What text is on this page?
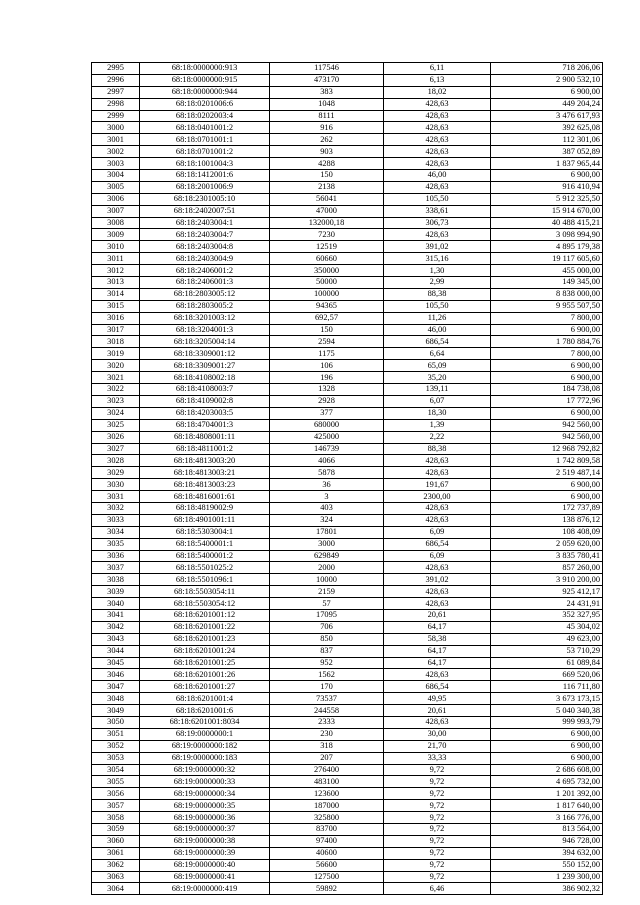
2995	68:18:0000000:913	117546	6,11	718 206,06
2996	68:18:0000000:915	473170	6,13	2 900 532,10
2997	68:18:0000000:944	383	18,02	6 900,00
2998	68:18:0201006:6	1048	428,63	449 204,24
2999	68:18:0202003:4	8111	428,63	3 476 617,93
3000	68:18:0401001:2	916	428,63	392 625,08
3001	68:18:0701001:1	262	428,63	112 301,06
3002	68:18:0701001:2	903	428,63	387 052,89
3003	68:18:1001004:3	4288	428,63	1 837 965,44
3004	68:18:1412001:6	150	46,00	6 900,00
3005	68:18:2001006:9	2138	428,63	916 410,94
3006	68:18:2301005:10	56041	105,50	5 912 325,50
3007	68:18:2402007:51	47000	338,61	15 914 670,00
3008	68:18:2403004:1	132000,18	306,73	40 488 415,21
3009	68:18:2403004:7	7230	428,63	3 098 994,90
3010	68:18:2403004:8	12519	391,02	4 895 179,38
3011	68:18:2403004:9	60660	315,16	19 117 605,60
3012	68:18:2406001:2	350000	1,30	455 000,00
3013	68:18:2406001:3	50000	2,99	149 345,00
3014	68:18:2803005:12	100000	88,38	8 838 000,00
3015	68:18:2803005:2	94365	105,50	9 955 507,50
3016	68:18:3201003:12	692,57	11,26	7 800,00
3017	68:18:3204001:3	150	46,00	6 900,00
3018	68:18:3205004:14	2594	686,54	1 780 884,76
3019	68:18:3309001:12	1175	6,64	7 800,00
3020	68:18:3309001:27	106	65,09	6 900,00
3021	68:18:4108002:18	196	35,20	6 900,00
3022	68:18:4108003:7	1328	139,11	184 738,08
3023	68:18:4109002:8	2928	6,07	17 772,96
3024	68:18:4203003:5	377	18,30	6 900,00
3025	68:18:4704001:3	680000	1,39	942 560,00
3026	68:18:4808001:11	425000	2,22	942 560,00
3027	68:18:4811001:2	146739	88,38	12 968 792,82
3028	68:18:4813003:20	4066	428,63	1 742 809,58
3029	68:18:4813003:21	5878	428,63	2 519 487,14
3030	68:18:4813003:23	36	191,67	6 900,00
3031	68:18:4816001:61	3	2300,00	6 900,00
3032	68:18:4819002:9	403	428,63	172 737,89
3033	68:18:4901001:11	324	428,63	138 876,12
3034	68:18:5303004:1	17801	6,09	108 408,09
3035	68:18:5400001:1	3000	686,54	2 059 620,00
3036	68:18:5400001:2	629849	6,09	3 835 780,41
3037	68:18:5501025:2	2000	428,63	857 260,00
3038	68:18:5501096:1	10000	391,02	3 910 200,00
3039	68:18:5503054:11	2159	428,63	925 412,17
3040	68:18:5503054:12	57	428,63	24 431,91
3041	68:18:6201001:12	17095	20,61	352 327,95
3042	68:18:6201001:22	706	64,17	45 304,02
3043	68:18:6201001:23	850	58,38	49 623,00
3044	68:18:6201001:24	837	64,17	53 710,29
3045	68:18:6201001:25	952	64,17	61 089,84
3046	68:18:6201001:26	1562	428,63	669 520,06
3047	68:18:6201001:27	170	686,54	116 711,80
3048	68:18:6201001:4	73537	49,95	3 673 173,15
3049	68:18:6201001:6	244558	20,61	5 040 340,38
3050	68:18:6201001:8034	2333	428,63	999 993,79
3051	68:19:0000000:1	230	30,00	6 900,00
3052	68:19:0000000:182	318	21,70	6 900,00
3053	68:19:0000000:183	207	33,33	6 900,00
3054	68:19:0000000:32	276400	9,72	2 686 608,00
3055	68:19:0000000:33	483100	9,72	4 695 732,00
3056	68:19:0000000:34	123600	9,72	1 201 392,00
3057	68:19:0000000:35	187000	9,72	1 817 640,00
3058	68:19:0000000:36	325800	9,72	3 166 776,00
3059	68:19:0000000:37	83700	9,72	813 564,00
3060	68:19:0000000:38	97400	9,72	946 728,00
3061	68:19:0000000:39	40600	9,72	394 632,00
3062	68:19:0000000:40	56600	9,72	550 152,00
3063	68:19:0000000:41	127500	9,72	1 239 300,00
3064	68:19:0000000:419	59892	6,46	386 902,32
